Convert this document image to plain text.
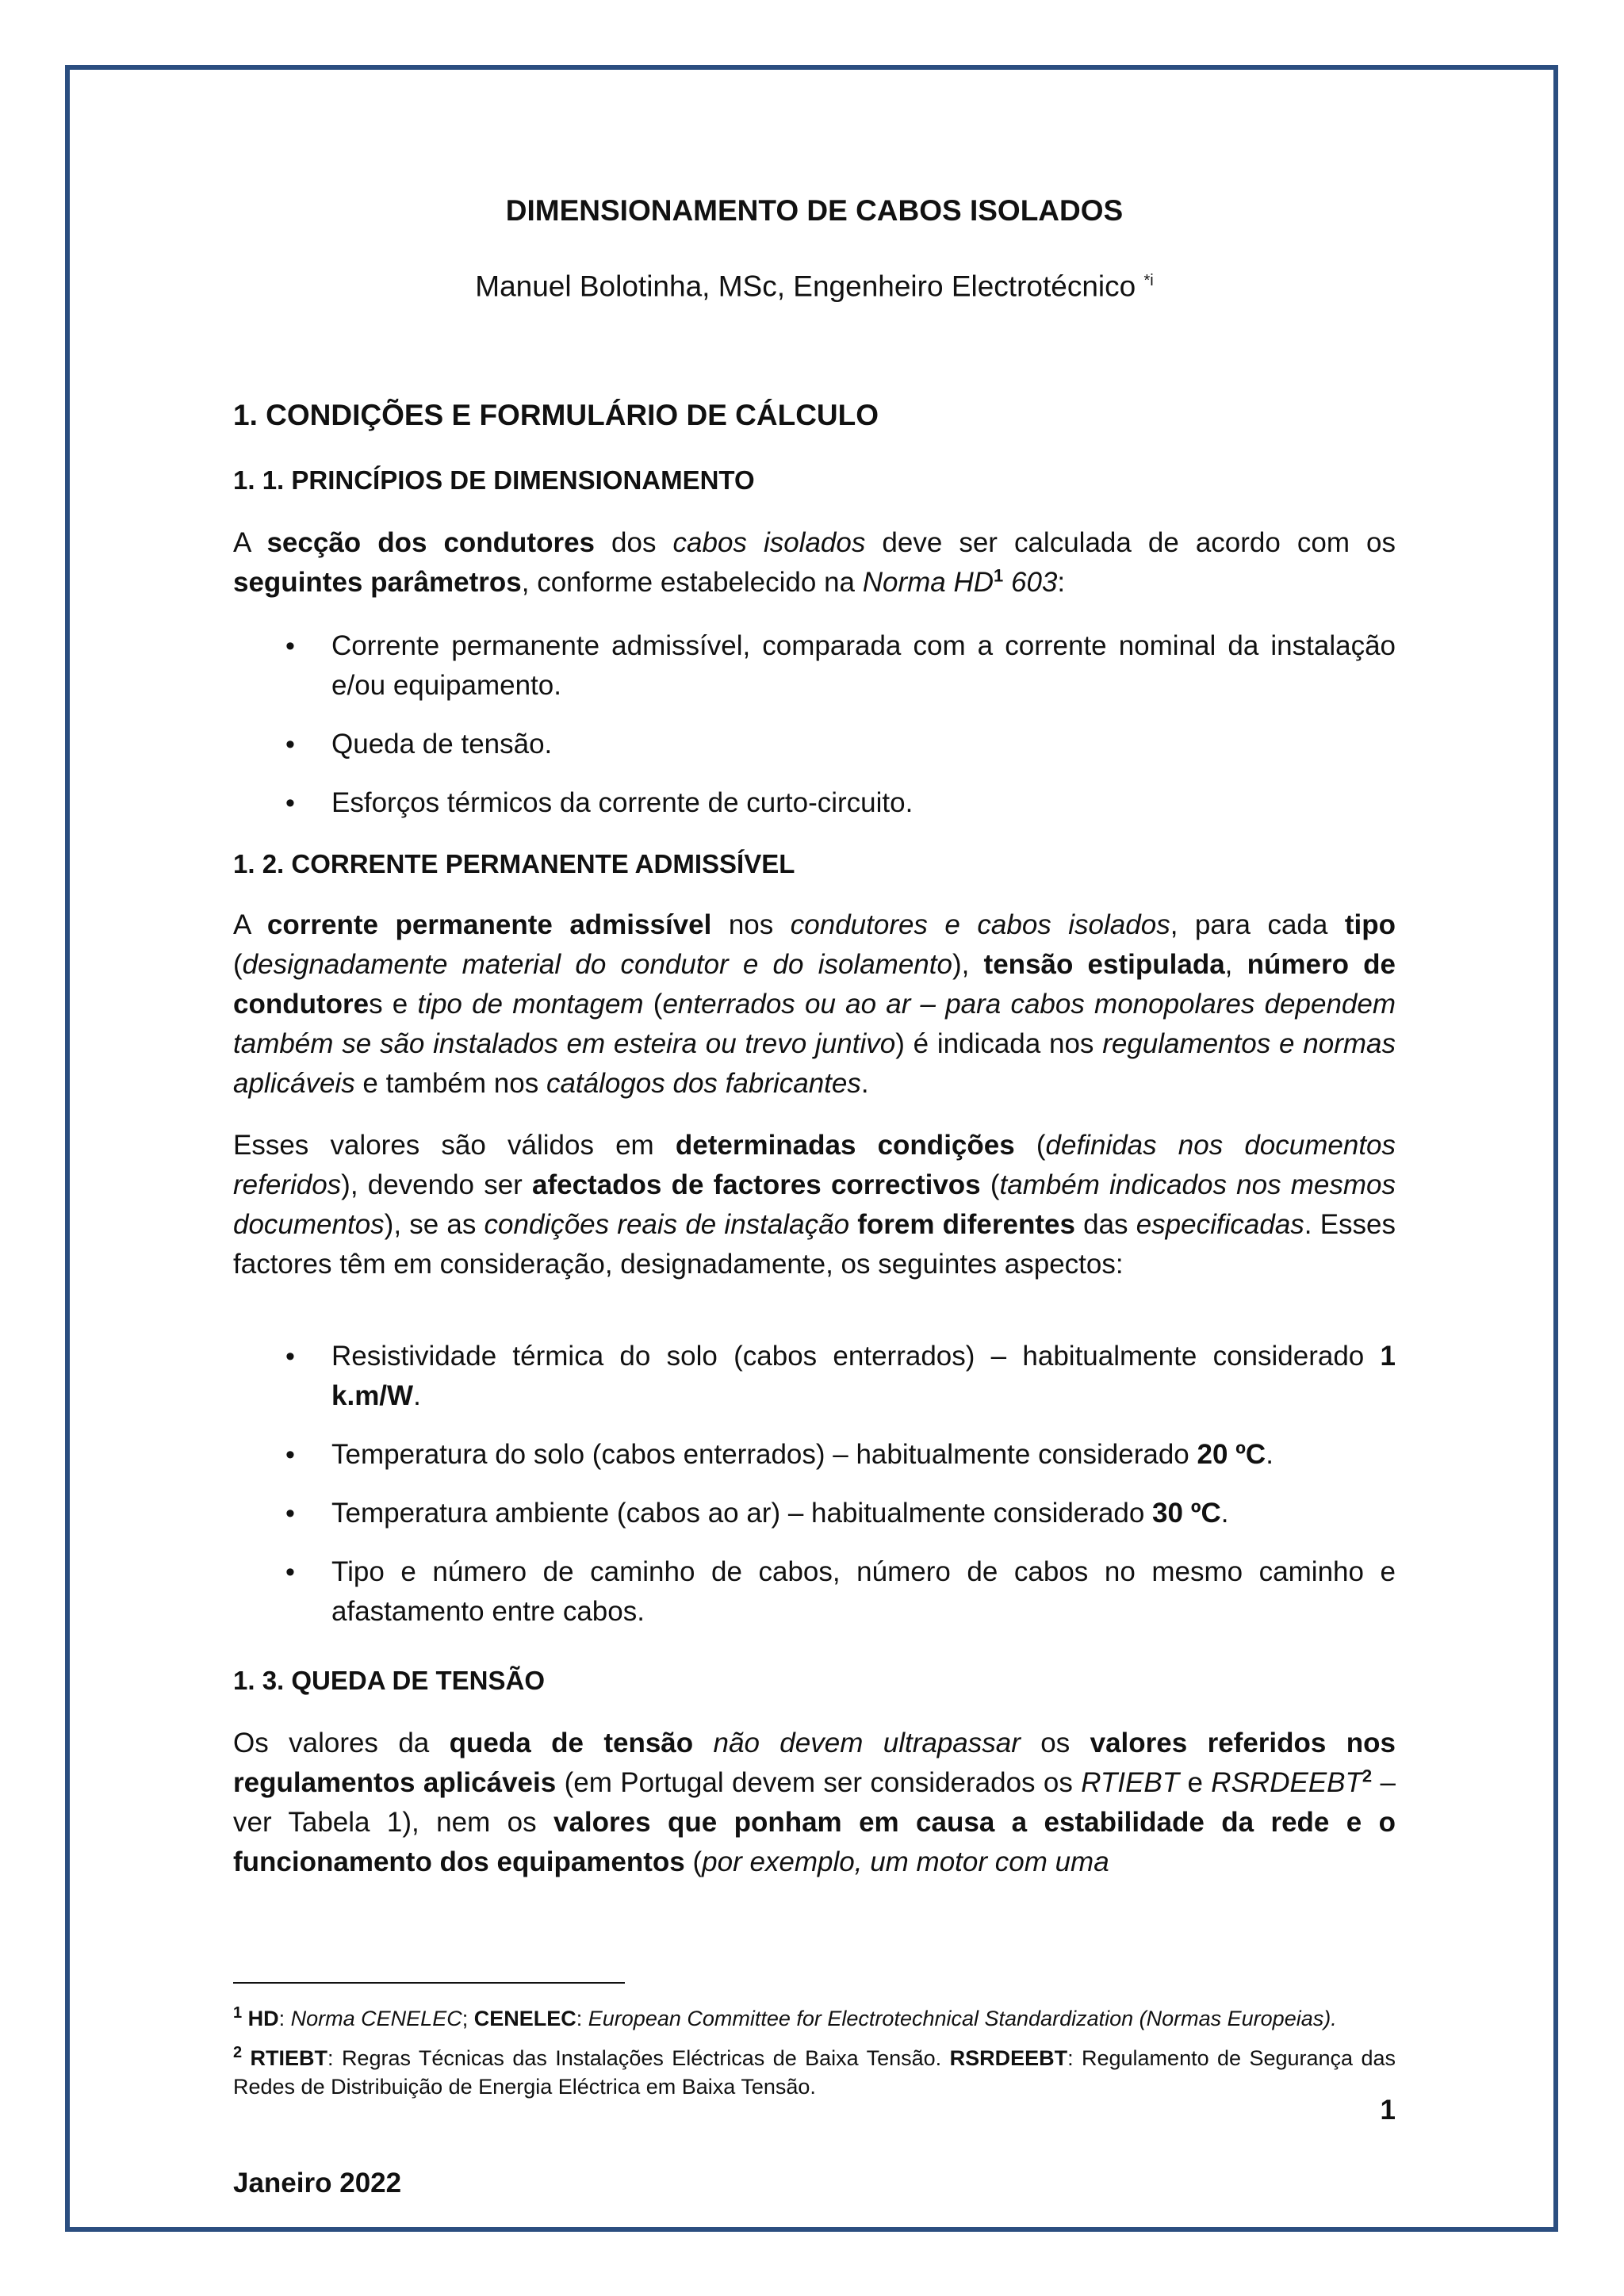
DIMENSIONAMENTO DE CABOS ISOLADOS
Manuel Bolotinha, MSc, Engenheiro Electrotécnico $^{*i}$
1. CONDIÇÕES E FORMULÁRIO DE CÁLCULO
1. 1. PRINCÍPIOS DE DIMENSIONAMENTO

A secção dos condutores dos cabos isolados deve ser calculada de acordo com os seguintes parâmetros, conforme estabelecido na Norma $HD^1$ 603:

• Corrente permanente admissível, comparada com a corrente nominal da instalação e/ou equipamento.
• Queda de tensão.
• Esforços térmicos da corrente de curto-circuito.
1. 2. CORRENTE PERMANENTE ADMISSÍVEL

A corrente permanente admissível nos condutores e cabos isolados, para cada tipo (designadamente material do condutor e do isolamento), tensão estipulada, número de condutores e tipo de montagem (enterrados ou ao ar – para cabos monopolares dependem também se são instalados em esteira ou trevo juntivo) é indicada nos regulamentos e normas aplicáveis e também nos catálogos dos fabricantes.

Esses valores são válidos em determinadas condições (definidas nos documentos referidos), devendo ser afectados de factores correctivos (também indicados nos mesmos documentos), se as condições reais de instalação forem diferentes das especificadas. Esses factores têm em consideração, designadamente, os seguintes aspectos:

• Resistividade térmica do solo (cabos enterrados) – habitualmente considerado 1 k.m/W.
• Temperatura do solo (cabos enterrados) – habitualmente considerado 20 ºC.
• Temperatura ambiente (cabos ao ar) – habitualmente considerado 30 ºC.
• Tipo e número de caminho de cabos, número de cabos no mesmo caminho e afastamento entre cabos.
1. 3. QUEDA DE TENSÃO

Os valores da queda de tensão não devem ultrapassar os valores referidos nos regulamentos aplicáveis (em Portugal devem ser considerados os RTIEBT e RSRDEEBT$^2$ – ver Tabela 1), nem os valores que ponham em causa a estabilidade da rede e o funcionamento dos equipamentos (por exemplo, um motor com uma

$^1$ HD: Norma CENELEC; CENELEC: European Committee for Electrotechnical Standardization (Normas Europeias).

$^2$ RTIEBT: Regras Técnicas das Instalações Eléctricas de Baixa Tensão. RSRDEEBT: Regulamento de Segurança das Redes de Distribuição de Energia Eléctrica em Baixa Tensão.

1
Janeiro 2022
